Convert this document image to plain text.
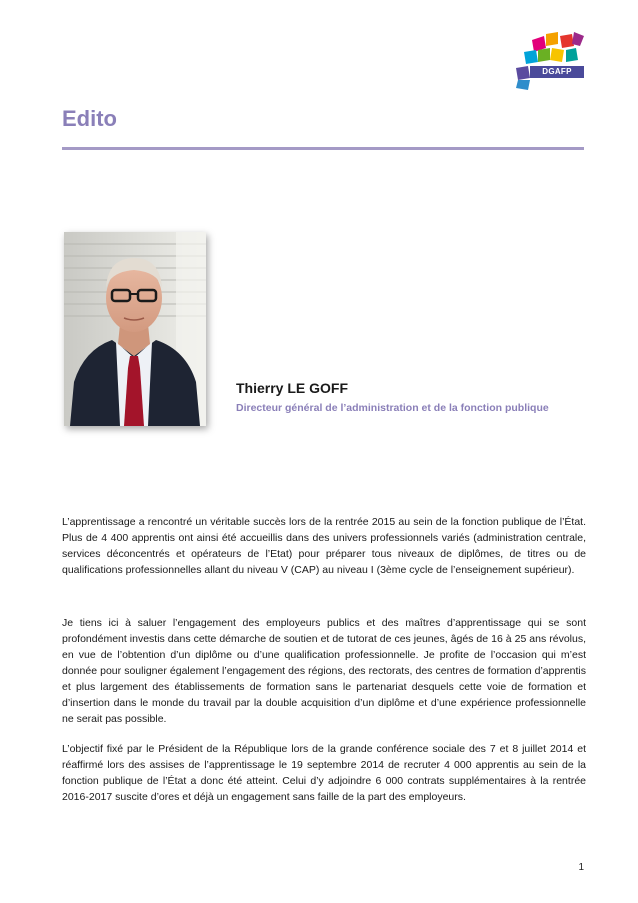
DGAFP
Edito

Thierry LE GOFF

Directeur général de l’administration et de la fonction publique

L’apprentissage a rencontré un véritable succès lors de la rentrée 2015 au sein de la fonction publique de l’État. Plus de 4 400 apprentis ont ainsi été accueillis dans des univers professionnels variés (administration centrale, services déconcentrés et opérateurs de l’Etat) pour préparer tous niveaux de diplômes, de titres ou de qualifications professionnelles allant du niveau V (CAP) au niveau I (3ème cycle de l’enseignement supérieur).

Je tiens ici à saluer l’engagement des employeurs publics et des maîtres d’apprentissage qui se sont profondément investis dans cette démarche de soutien et de tutorat de ces jeunes, âgés de 16 à 25 ans révolus, en vue de l’obtention d’un diplôme ou d’une qualification professionnelle. Je profite de l’occasion qui m’est donnée pour souligner également l’engagement des régions, des rectorats, des centres de formation d’apprentis et plus largement des établissements de formation sans le partenariat desquels cette voie de formation et d’insertion dans le monde du travail par la double acquisition d’un diplôme et d’une expérience professionnelle ne serait pas possible.

L’objectif fixé par le Président de la République lors de la grande conférence sociale des 7 et 8 juillet 2014 et réaffirmé lors des assises de l’apprentissage le 19 septembre 2014 de recruter 4 000 apprentis au sein de la fonction publique de l’État a donc été atteint. Celui d’y adjoindre 6 000 contrats supplémentaires à la rentrée 2016-2017 suscite d’ores et déjà un engagement sans faille de la part des employeurs.

1
